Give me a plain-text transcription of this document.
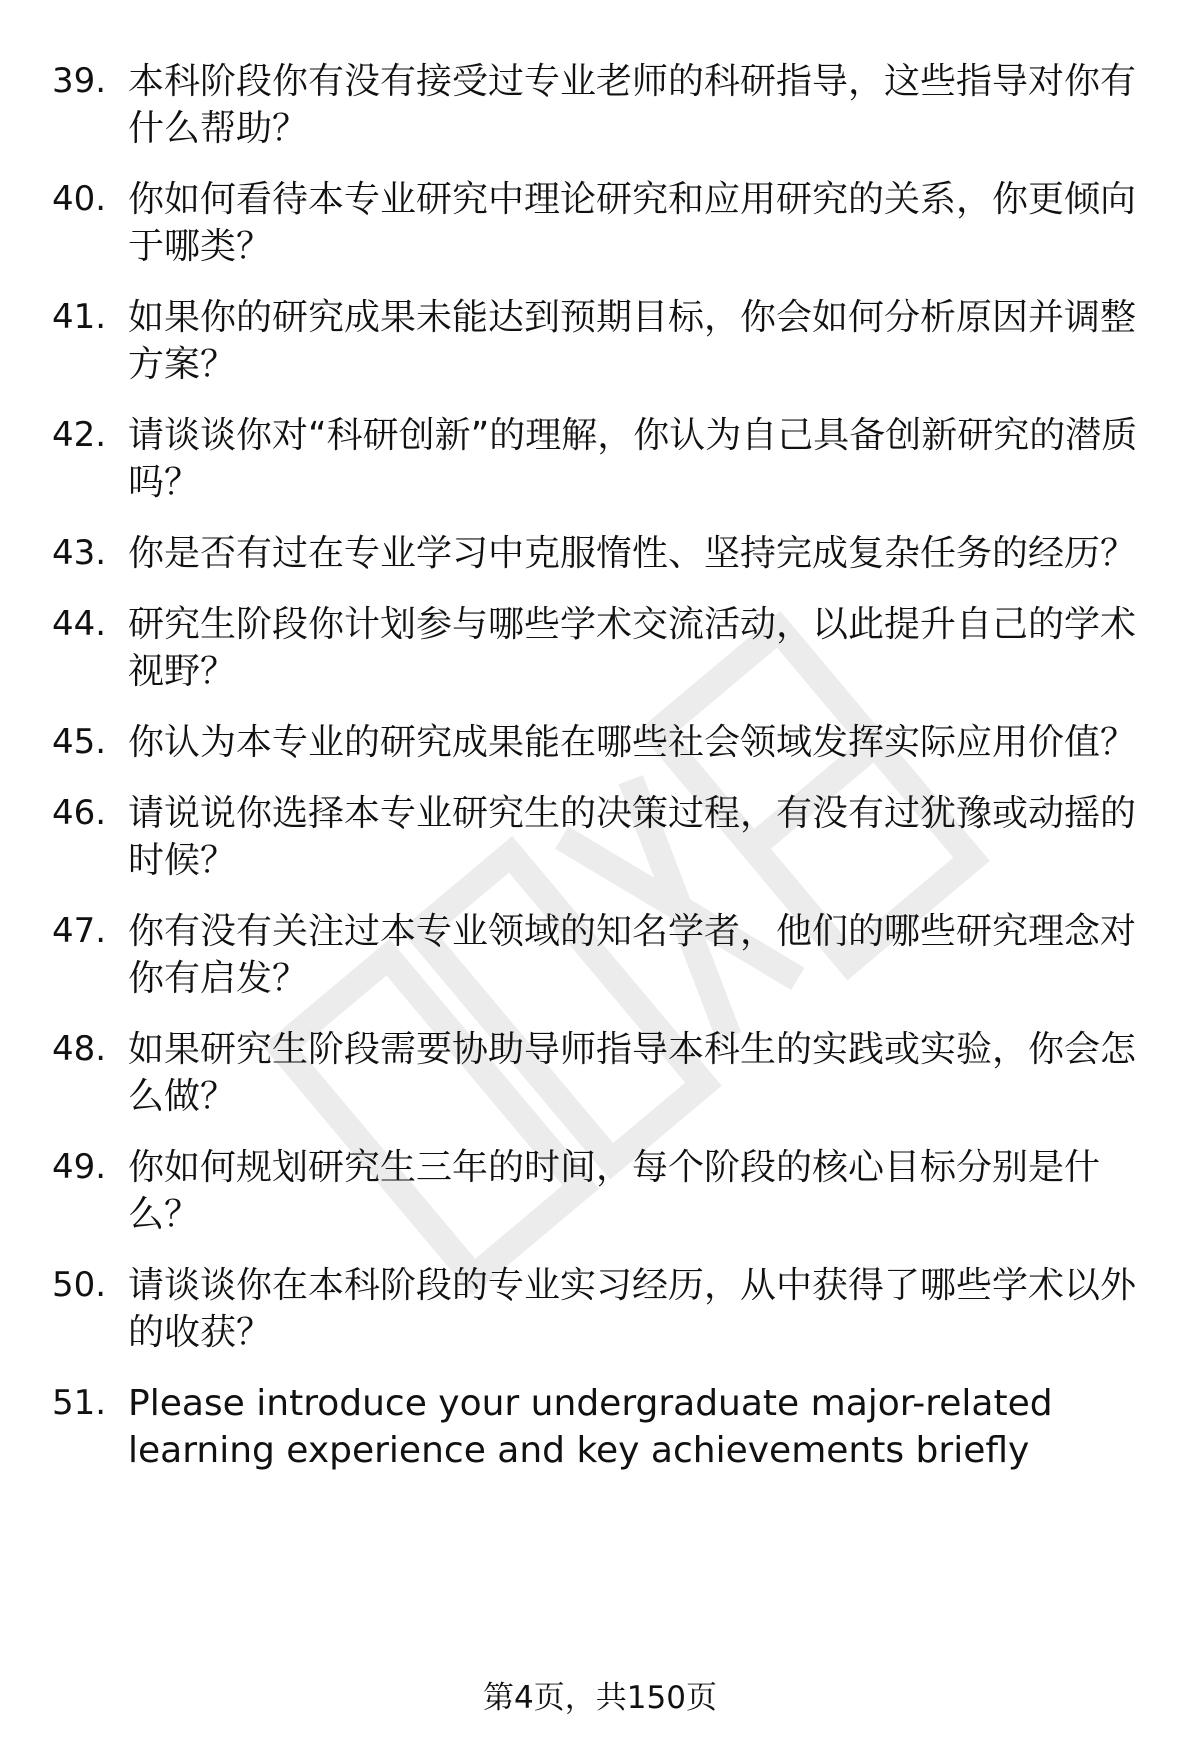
39. 本科阶段你有没有接受过专业老师的科研指导，这些指导对你有什么帮助？
40. 你如何看待本专业研究中理论研究和应用研究的关系，你更倾向于哪类？
41. 如果你的研究成果未能达到预期目标，你会如何分析原因并调整方案？
42. 请谈谈你对“科研创新”的理解，你认为自己具备创新研究的潜质吗？
43. 你是否有过在专业学习中克服惰性、坚持完成复杂任务的经历？
44. 研究生阶段你计划参与哪些学术交流活动，以此提升自己的学术视野？
45. 你认为本专业的研究成果能在哪些社会领域发挥实际应用价值？
46. 请说说你选择本专业研究生的决策过程，有没有过犹豫或动摇的时候？
47. 你有没有关注过本专业领域的知名学者，他们的哪些研究理念对你有启发？
48. 如果研究生阶段需要协助导师指导本科生的实践或实验，你会怎么做？
49. 你如何规划研究生三年的时间，每个阶段的核心目标分别是什么？
50. 请谈谈你在本科阶段的专业实习经历，从中获得了哪些学术以外的收获？
51. Please introduce your undergraduate major-related learning experience and key achievements briefly
第4页，共150页
